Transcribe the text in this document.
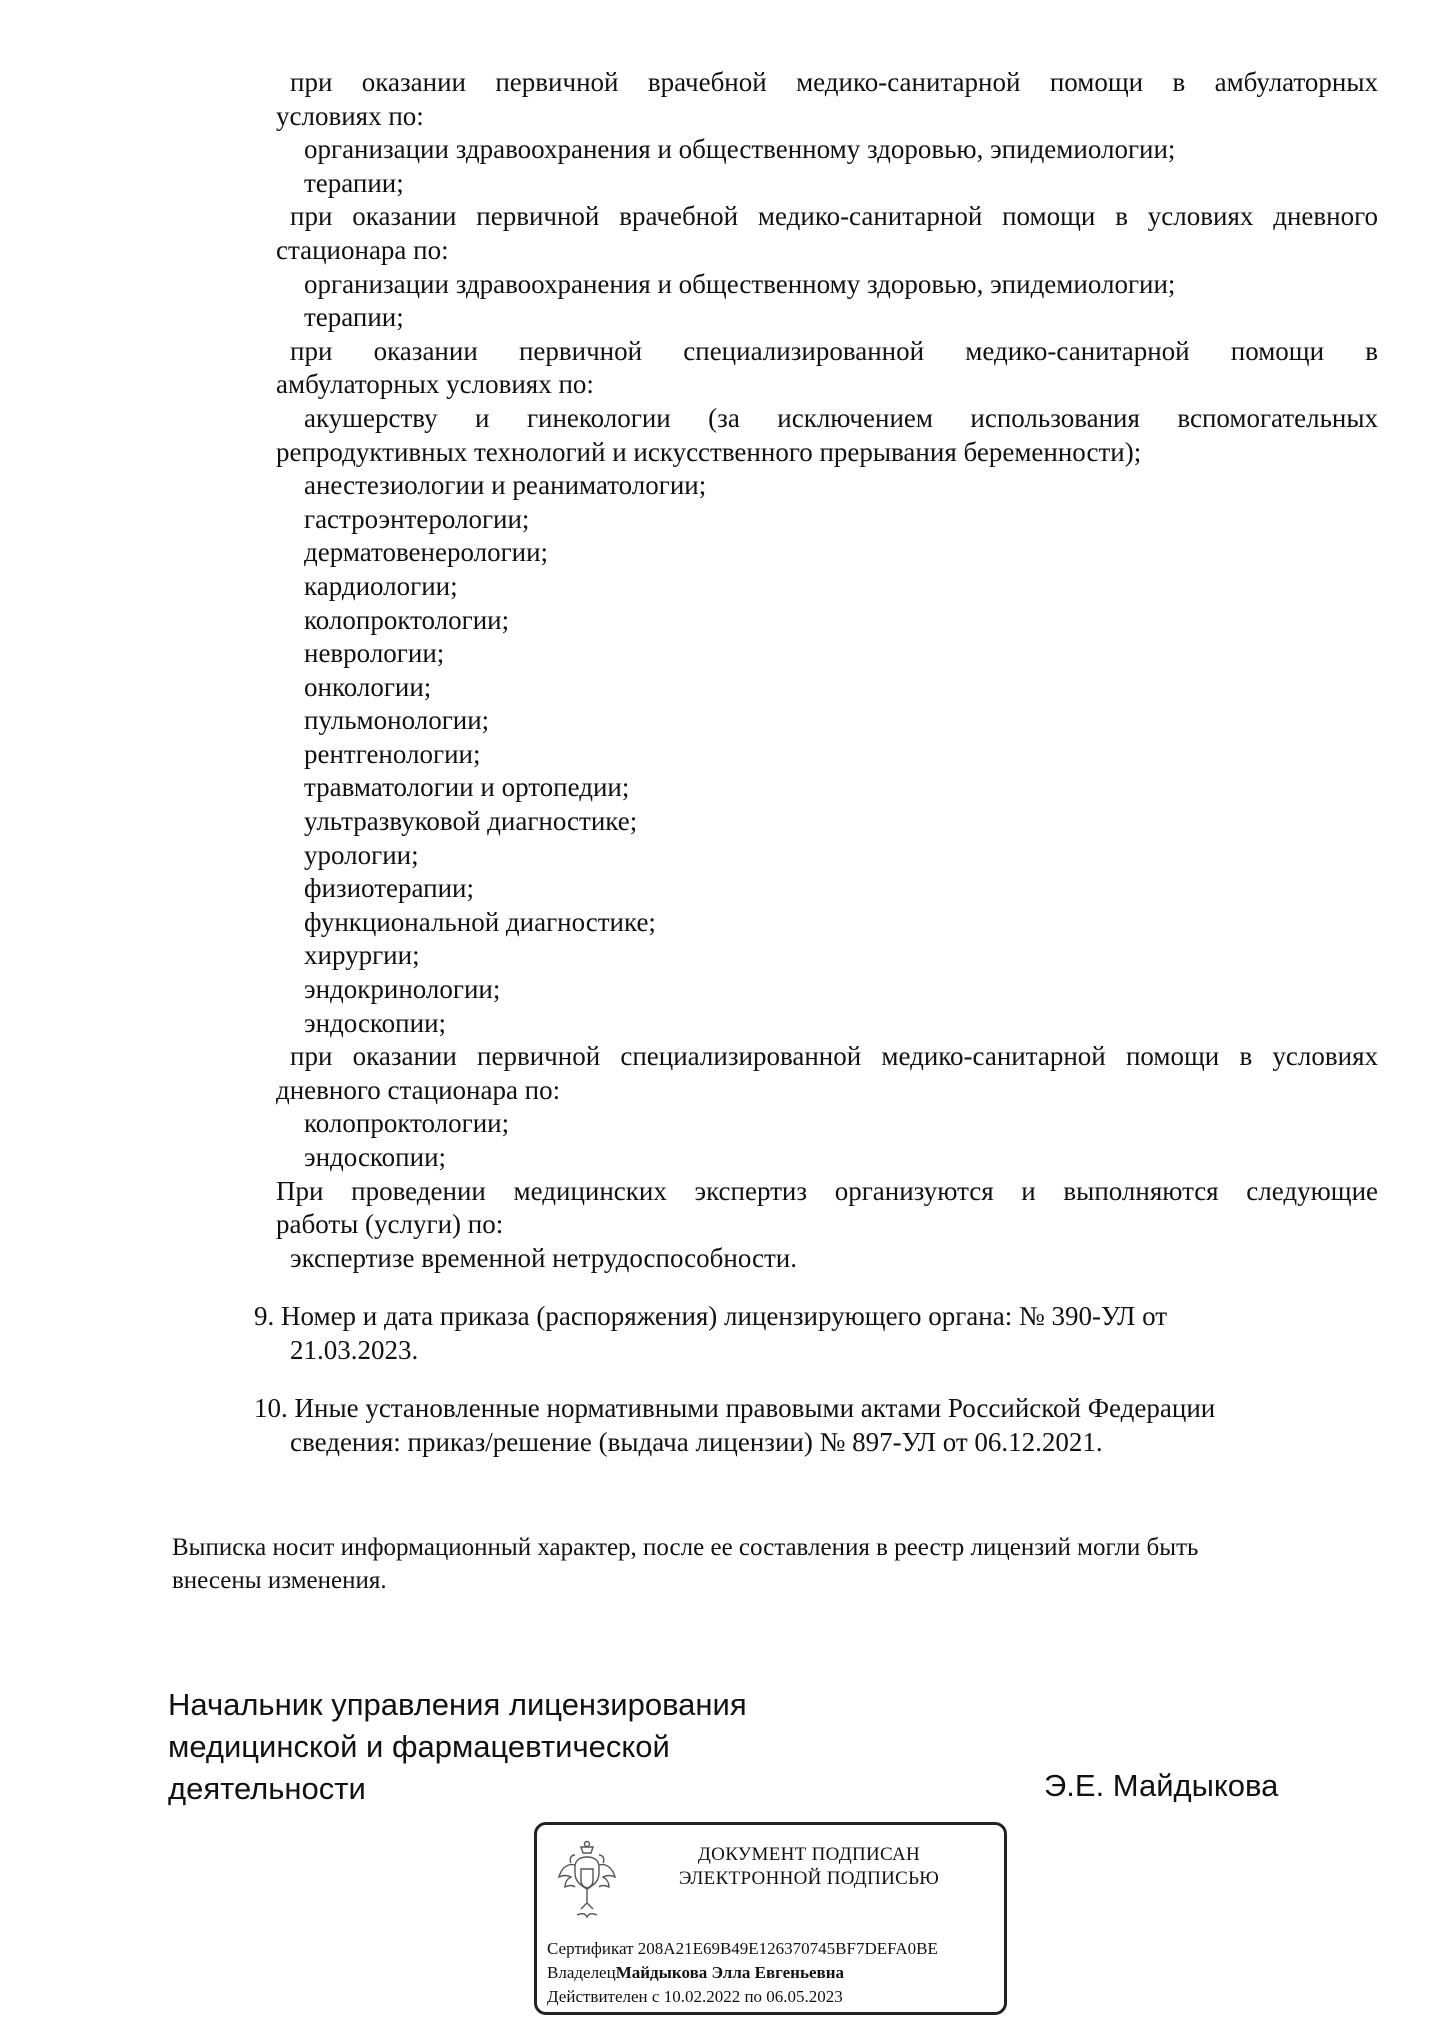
при оказании первичной врачебной медико-санитарной помощи в амбулаторных
условиях по:
организации здравоохранения и общественному здоровью, эпидемиологии;
терапии;
при оказании первичной врачебной медико-санитарной помощи в условиях дневного
стационара по:
организации здравоохранения и общественному здоровью, эпидемиологии;
терапии;
при оказании первичной специализированной медико-санитарной помощи в
амбулаторных условиях по:
акушерству и гинекологии (за исключением использования вспомогательных
репродуктивных технологий и искусственного прерывания беременности);
анестезиологии и реаниматологии;
гастроэнтерологии;
дерматовенерологии;
кардиологии;
колопроктологии;
неврологии;
онкологии;
пульмонологии;
рентгенологии;
травматологии и ортопедии;
ультразвуковой диагностике;
урологии;
физиотерапии;
функциональной диагностике;
хирургии;
эндокринологии;
эндоскопии;
при оказании первичной специализированной медико-санитарной помощи в условиях
дневного стационара по:
колопроктологии;
эндоскопии;
При проведении медицинских экспертиз организуются и выполняются следующие
работы (услуги) по:
экспертизе временной нетрудоспособности.
9. Номер и дата приказа (распоряжения) лицензирующего органа: № 390-УЛ от
21.03.2023.
10. Иные установленные нормативными правовыми актами Российской Федерации
сведения: приказ/решение (выдача лицензии) № 897-УЛ от 06.12.2021.
Выписка носит информационный характер, после ее составления в реестр лицензий могли быть
внесены изменения.
Начальник управления лицензирования
медицинской и фармацевтической
деятельности	Э.Е. Майдыкова
ДОКУМЕНТ ПОДПИСАН
ЭЛЕКТРОННОЙ ПОДПИСЬЮ
Сертификат 208A21E69B49E126370745BF7DEFA0BE
ВладелецМайдыкова Элла Евгеньевна
Действителен с 10.02.2022 по 06.05.2023
